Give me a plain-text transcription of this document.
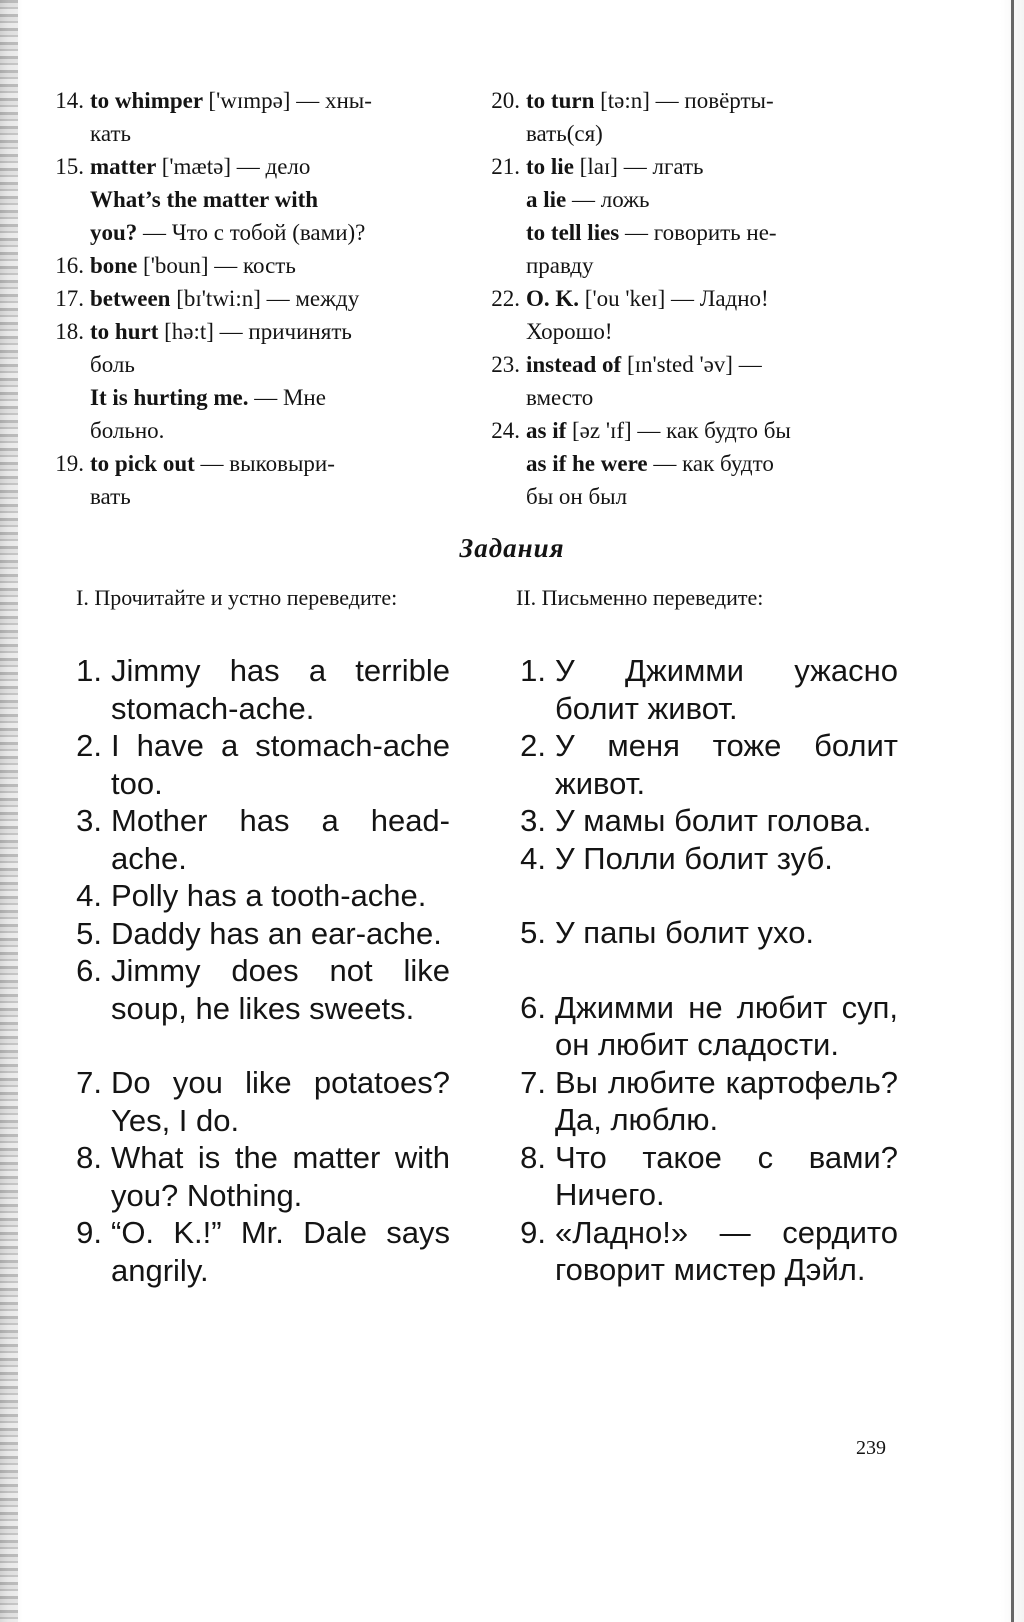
14. to whimper ['wɪmpə] — хны-
кать
15. matter ['mætə] — дело
What’s the matter with
you? — Что с тобой (вами)?
16. bone ['boun] — кость
17. between [bɪ'twi:n] — между
18. to hurt [hə:t] — причинять
боль
It is hurting me. — Мне
больно.
19. to pick out — выковыри-
вать
20. to turn [tə:n] — повёрты-
вать(ся)
21. to lie [laɪ] — лгать
a lie — ложь
to tell lies — говорить не-
правду
22. O. K. ['ou 'keɪ] — Ладно!
Хорошо!
23. instead of [ɪn'sted 'əv] —
вместо
24. as if [əz 'ɪf] — как будто бы
as if he were — как будто
бы он был
Задания
I. Прочитайте и устно переведите:	II. Письменно переведите:
1. Jimmy has a terrible stomach-ache.
2. I have a stomach-ache too.
3. Mother has a head-ache.
4. Polly has a tooth-ache.
5. Daddy has an ear-ache.
6. Jimmy does not like soup, he likes sweets.
7. Do you like potatoes? Yes, I do.
8. What is the matter with you? Nothing.
9. “O. K.!” Mr. Dale says angrily.
1. У Джимми ужасно болит живот.
2. У меня тоже болит живот.
3. У мамы болит голова.
4. У Полли болит зуб.
5. У папы болит ухо.
6. Джимми не любит суп, он любит сладости.
7. Вы любите картофель? Да, люблю.
8. Что такое с вами? Ничего.
9. «Ладно!» — сердито говорит мистер Дэйл.
239
